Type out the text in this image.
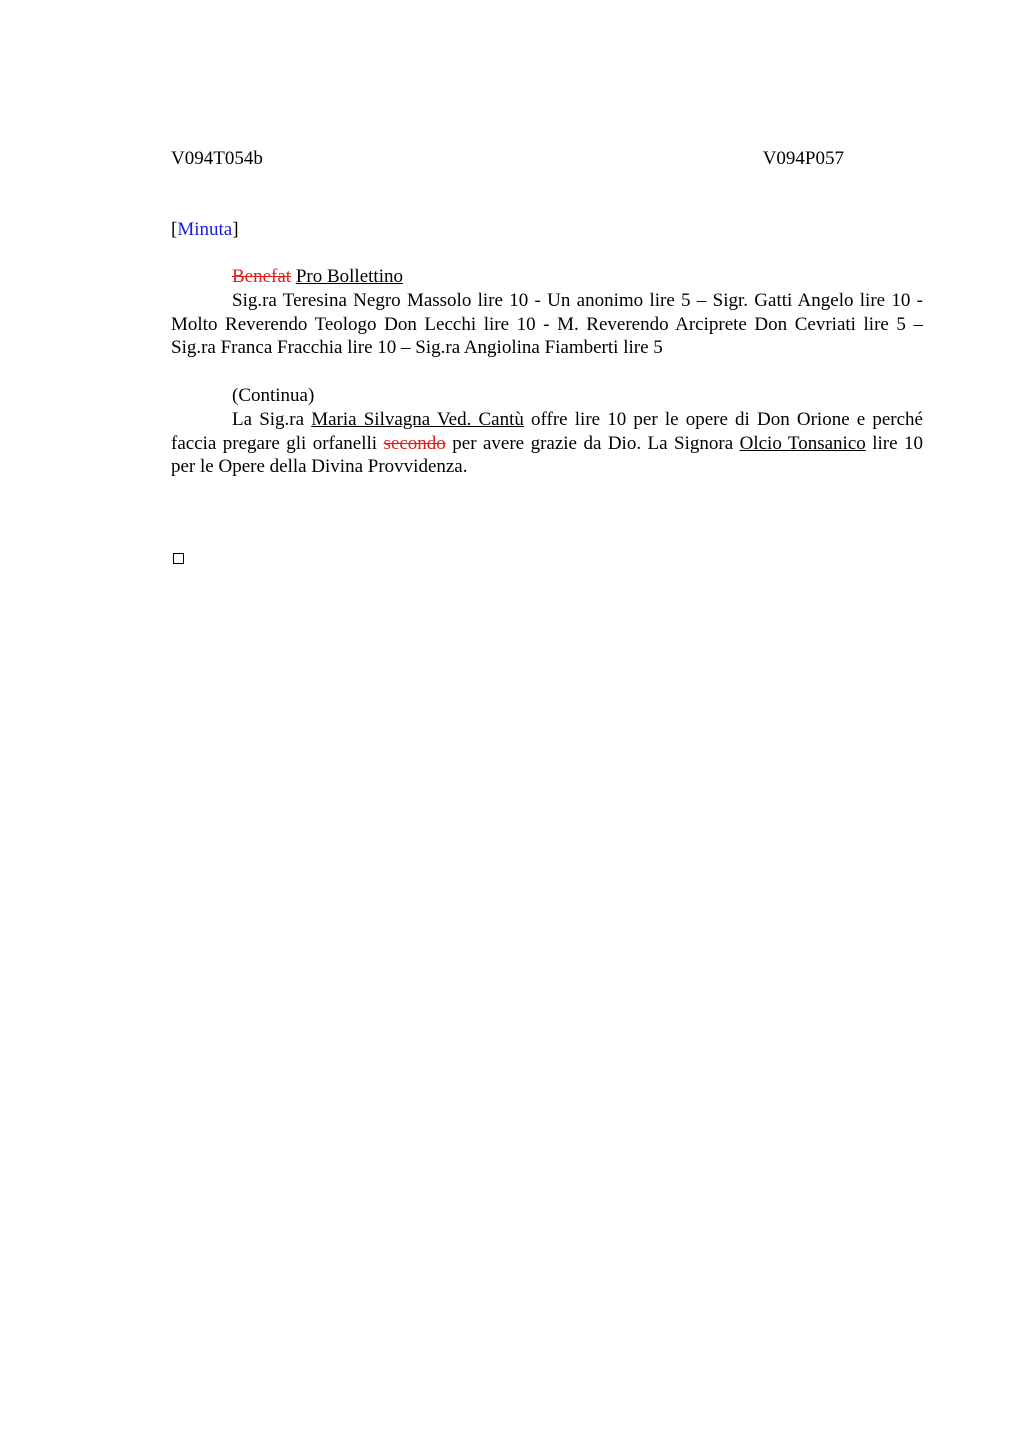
V094T054b	V094P057
[Minuta]

Benefat Pro Bollettino

Sig.ra Teresina Negro Massolo lire 10 - Un anonimo lire 5 – Sigr. Gatti Angelo lire 10 - Molto Reverendo Teologo Don Lecchi lire 10 - M. Reverendo Arciprete Don Cevriati lire 5 – Sig.ra Franca Fracchia lire 10 – Sig.ra Angiolina Fiamberti lire 5

(Continua)

La Sig.ra Maria Silvagna Ved. Cantù offre lire 10 per le opere di Don Orione e perché faccia pregare gli orfanelli secondo per avere grazie da Dio. La Signora Olcio Tonsanico lire 10 per le Opere della Divina Provvidenza.
